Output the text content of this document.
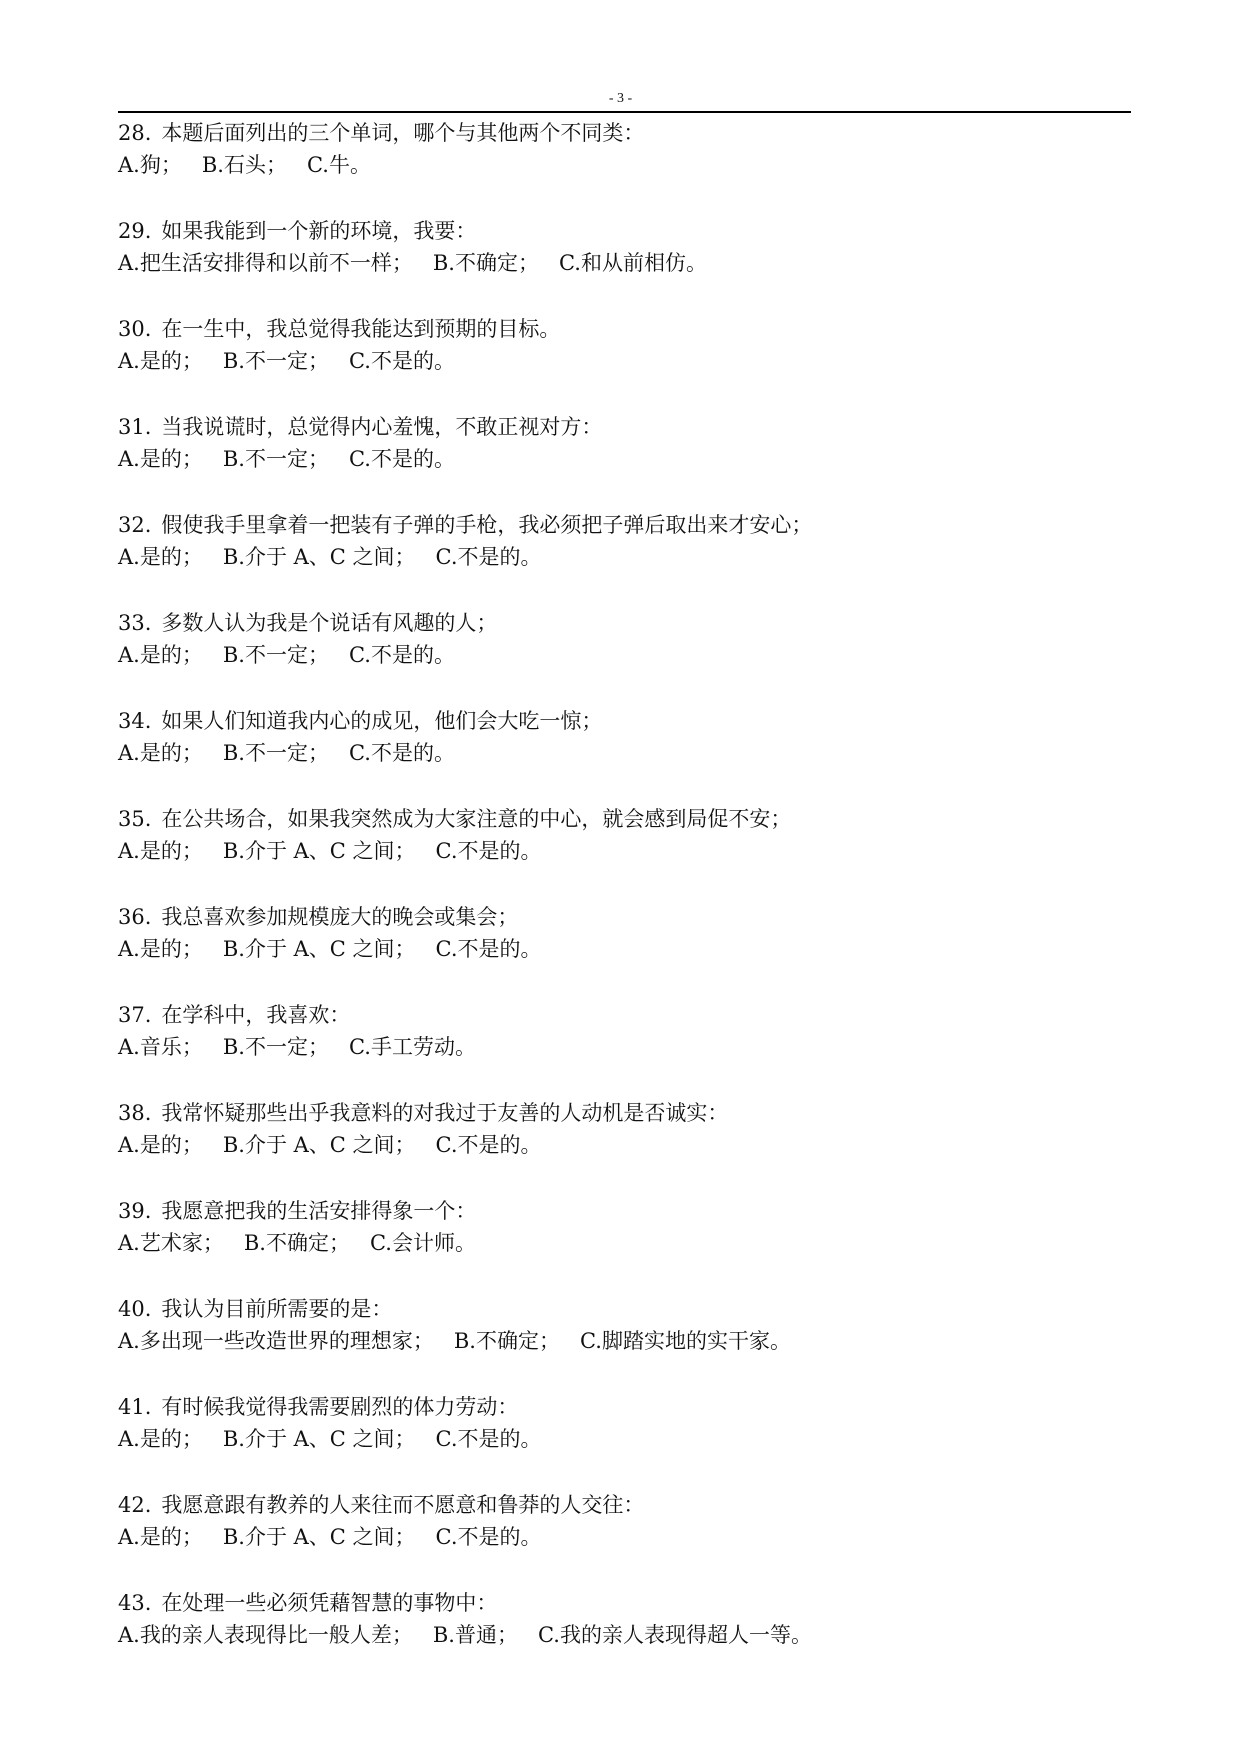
- 3 -
28. 本题后面列出的三个单词，哪个与其他两个不同类：
A.狗； B.石头； C.牛。
29. 如果我能到一个新的环境，我要：
A.把生活安排得和以前不一样； B.不确定； C.和从前相仿。
30. 在一生中，我总觉得我能达到预期的目标。
A.是的； B.不一定； C.不是的。
31. 当我说谎时，总觉得内心羞愧，不敢正视对方：
A.是的； B.不一定； C.不是的。
32. 假使我手里拿着一把装有子弹的手枪，我必须把子弹后取出来才安心；
A.是的； B.介于 A、C 之间； C.不是的。
33. 多数人认为我是个说话有风趣的人；
A.是的； B.不一定； C.不是的。
34. 如果人们知道我内心的成见，他们会大吃一惊；
A.是的； B.不一定； C.不是的。
35. 在公共场合，如果我突然成为大家注意的中心，就会感到局促不安；
A.是的； B.介于 A、C 之间； C.不是的。
36. 我总喜欢参加规模庞大的晚会或集会；
A.是的； B.介于 A、C 之间； C.不是的。
37. 在学科中，我喜欢：
A.音乐； B.不一定； C.手工劳动。
38. 我常怀疑那些出乎我意料的对我过于友善的人动机是否诚实：
A.是的； B.介于 A、C 之间； C.不是的。
39. 我愿意把我的生活安排得象一个：
A.艺术家； B.不确定； C.会计师。
40. 我认为目前所需要的是：
A.多出现一些改造世界的理想家； B.不确定； C.脚踏实地的实干家。
41. 有时候我觉得我需要剧烈的体力劳动：
A.是的； B.介于 A、C 之间； C.不是的。
42. 我愿意跟有教养的人来往而不愿意和鲁莽的人交往：
A.是的； B.介于 A、C 之间； C.不是的。
43. 在处理一些必须凭藉智慧的事物中：
A.我的亲人表现得比一般人差； B.普通； C.我的亲人表现得超人一等。
